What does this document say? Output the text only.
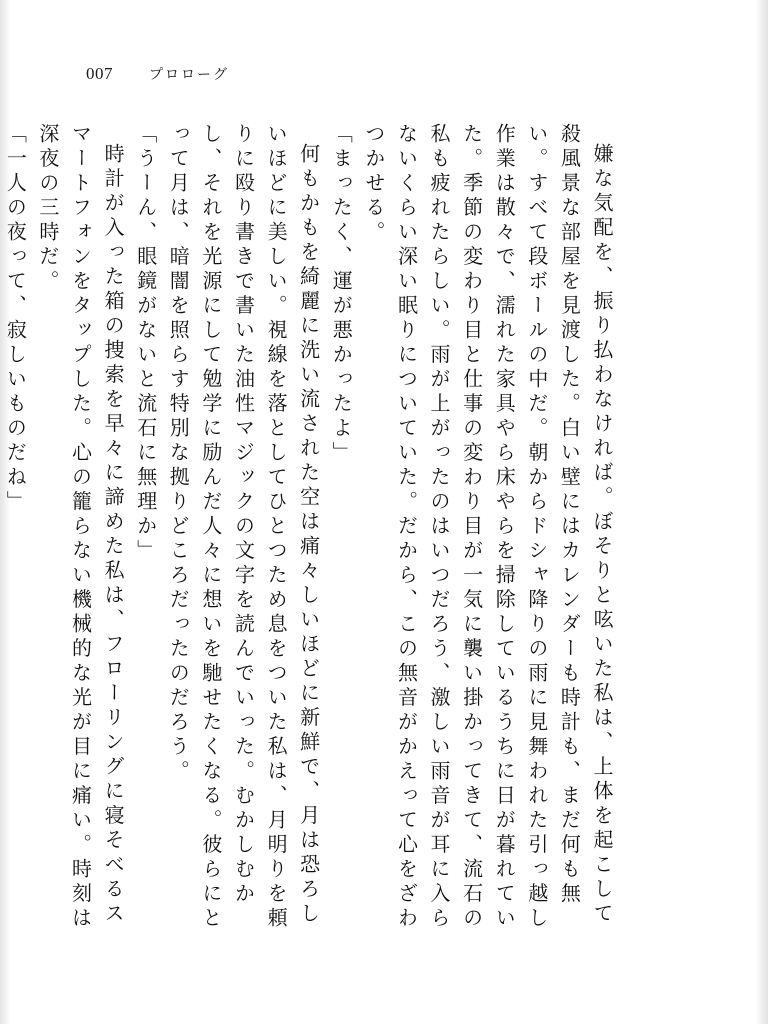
007	プロローグ

嫌な気配を、振り払わなければ。ぼそりと呟いた私は、上体を起こして殺風景な部屋を見渡した。白い壁にはカレンダーも時計も、まだ何も無い。すべて段ボールの中だ。朝からドシャ降りの雨に見舞われた引っ越し作業は散々で、濡れた家具やら床やらを掃除しているうちに日が暮れていた。季節の変わり目と仕事の変わり目が一気に襲い掛かってきて、流石の私も疲れたらしい。雨が上がったのはいつだろう、激しい雨音が耳に入らないくらい深い眠りについていた。だから、この無音がかえって心をざわつかせる。

「まったく、運が悪かったよ」

何もかもを綺麗に洗い流された空は痛々しいほどに新鮮で、月は恐ろしいほどに美しい。視線を落としてひとつため息をついた私は、月明りを頼りに殴り書きで書いた油性マジックの文字を読んでいった。むかしむかし、それを光源にして勉学に励んだ人々に想いを馳せたくなる。彼らにとって月は、暗闇を照らす特別な拠りどころだったのだろう。

「うーん、眼鏡がないと流石に無理か」

時計が入った箱の捜索を早々に諦めた私は、フローリングに寝そべるスマートフォンをタップした。心の籠らない機械的な光が目に痛い。時刻は深夜の三時だ。

「一人の夜って、寂しいものだね」
